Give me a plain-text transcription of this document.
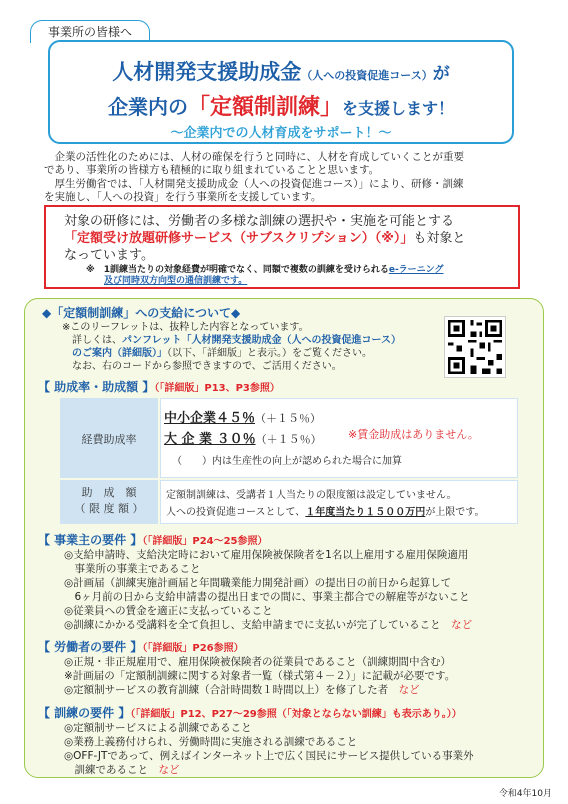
事業所の皆様へ
人材開発支援助成金（人への投資促進コース）が
企業内の「定額制訓練」を支援します！
～企業内での人材育成をサポート！～
　企業の活性化のためには、人材の確保を行うと同時に、人材を育成していくことが重要
であり、事業所の皆様方も積極的に取り組まれていることと思います。
　厚生労働省では、「人材開発支援助成金（人への投資促進コース）」により、研修・訓練
を実施し、「人への投資」を行う事業所を支援しています。
対象の研修には、労働者の多様な訓練の選択や・実施を可能とする
「定額受け放題研修サービス（サブスクリプション）（※）」も対象と
なっています。
※　1訓練当たりの対象経費が明確でなく、同額で複数の訓練を受けられるe-ラーニング
及び同時双方向型の通信訓練です。
◆「定額制訓練」への支給について◆
※このリーフレットは、抜粋した内容となっています。
詳しくは、パンフレット「人材開発支援助成金（人への投資促進コース）
のご案内（詳細版）」（以下、「詳細版」と表示。）をご覧ください。
なお、右のコードから参照できますので、ご活用ください。
【 助成率・助成額 】（「詳細版」P13、P3参照）
経費助成率
中小企業４５％（＋１５％）
大 企 業 ３０％（＋１５％） ※賃金助成はありません。
（　　）内は生産性の向上が認められた場合に加算
助　成　額
（ 限 度 額 ）
定額制訓練は、受講者１人当たりの限度額は設定していません。
人への投資促進コースとして、１年度当たり１５００万円が上限です。
【 事業主の要件 】（「詳細版」P24～25参照）
◎支給申請時、支給決定時において雇用保険被保険者を1名以上雇用する雇用保険適用
　事業所の事業主であること
◎計画届（訓練実施計画届と年間職業能力開発計画）の提出日の前日から起算して
　6ヶ月前の日から支給申請書の提出日までの間に、事業主都合での解雇等がないこと
◎従業員への賃金を適正に支払っていること
◎訓練にかかる受講料を全て負担し、支給申請までに支払いが完了していること　 など
【 労働者の要件 】（「詳細版」P26参照）
◎正規・非正規雇用で、雇用保険被保険者の従業員であること（訓練期間中含む）
※計画届の「定額制訓練に関する対象者一覧（様式第４－２）」に記載が必要です。
◎定額制サービスの教育訓練（合計時間数１時間以上）を修了した者　 など
【 訓練の要件 】（「詳細版」P12、P27～29参照（「対象とならない訓練」も表示あり。））
◎定額制サービスによる訓練であること
◎業務上義務付けられ、労働時間に実施される訓練であること
◎OFF-JTであって、例えばインターネット上で広く国民にサービス提供している事業外
　訓練であること　 など
令和4年10月
